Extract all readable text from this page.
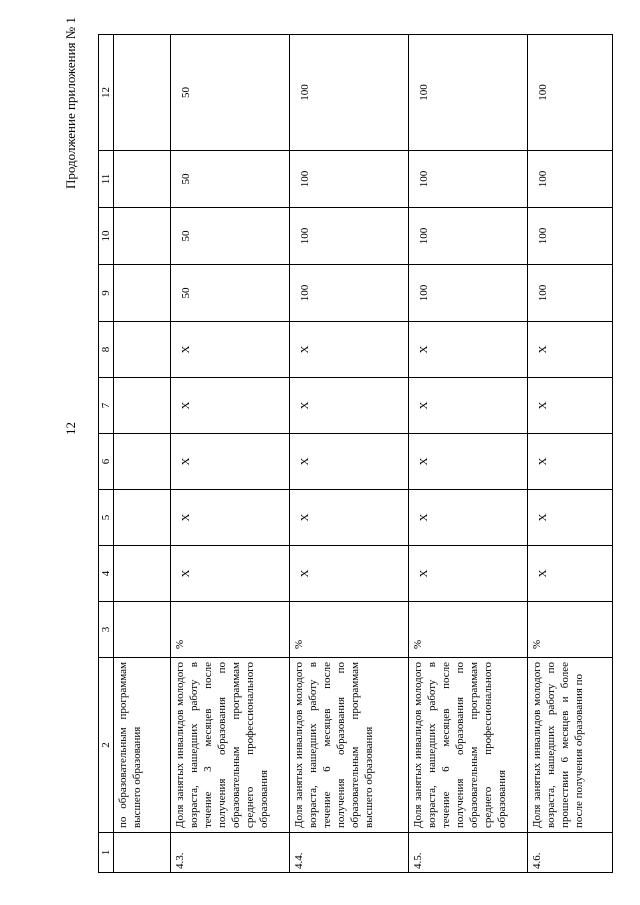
12
Продолжение приложения № 1
1	2	3	4	5	6	7	8	9	10	11	12
	по образовательным программам высшего образования										
4.3.	Доля занятых инвалидов молодого возраста, нашедших работу в течение 3 месяцев после получения образования по образовательным программам среднего профессионального образования	%	X	X	X	X	X	50	50	50	50
4.4.	Доля занятых инвалидов молодого возраста, нашедших работу в течение 6 месяцев после получения образования по образовательным программам высшего образования	%	X	X	X	X	X	100	100	100	100
4.5.	Доля занятых инвалидов молодого возраста, нашедших работу в течение 6 месяцев после получения образования по образовательным программам среднего профессионального образования	%	X	X	X	X	X	100	100	100	100
4.6.	Доля занятых инвалидов молодого возраста, нашедших работу по прошествии 6 месяцев и более после получения образования по	%	X	X	X	X	X	100	100	100	100
